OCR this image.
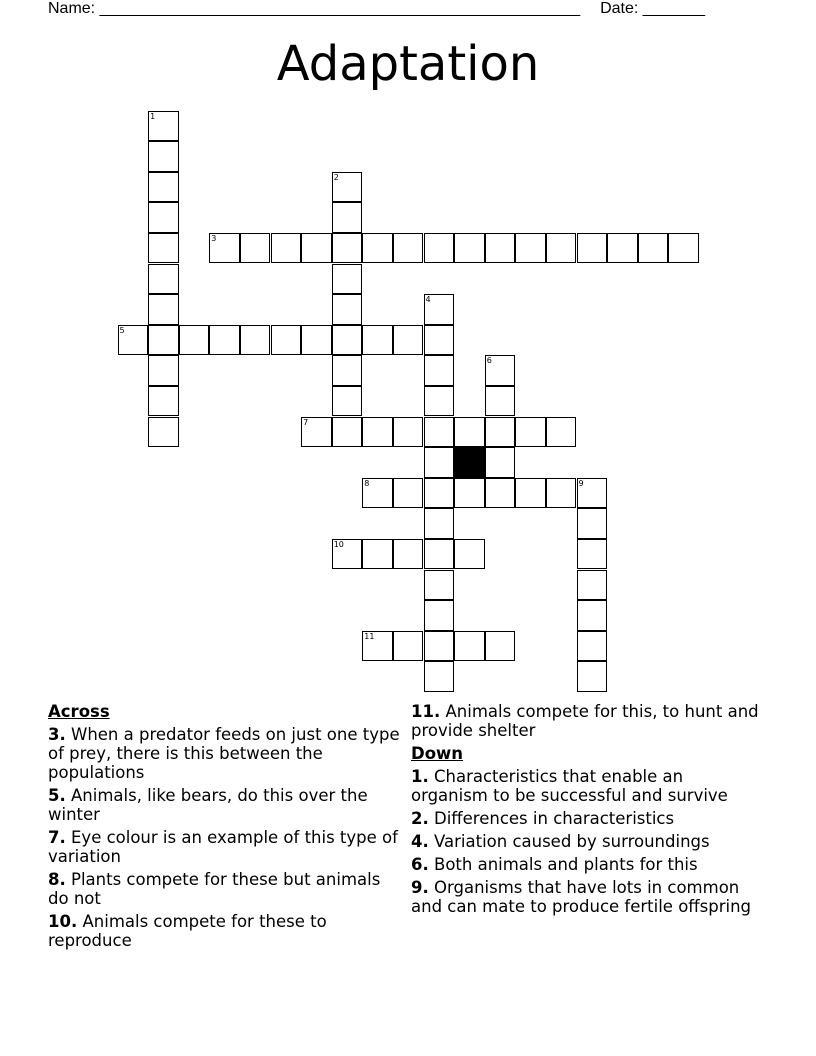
Name: ______________________________________________________ Date: _______
Adaptation
1
2
3
4
5
6
7
8	9
10
11
Across
3. When a predator feeds on just one type of prey, there is this between the populations
5. Animals, like bears, do this over the winter
7. Eye colour is an example of this type of variation
8. Plants compete for these but animals do not
10. Animals compete for these to reproduce
11. Animals compete for this, to hunt and provide shelter
Down
1. Characteristics that enable an organism to be successful and survive
2. Differences in characteristics
4. Variation caused by surroundings
6. Both animals and plants for this
9. Organisms that have lots in common and can mate to produce fertile offspring
